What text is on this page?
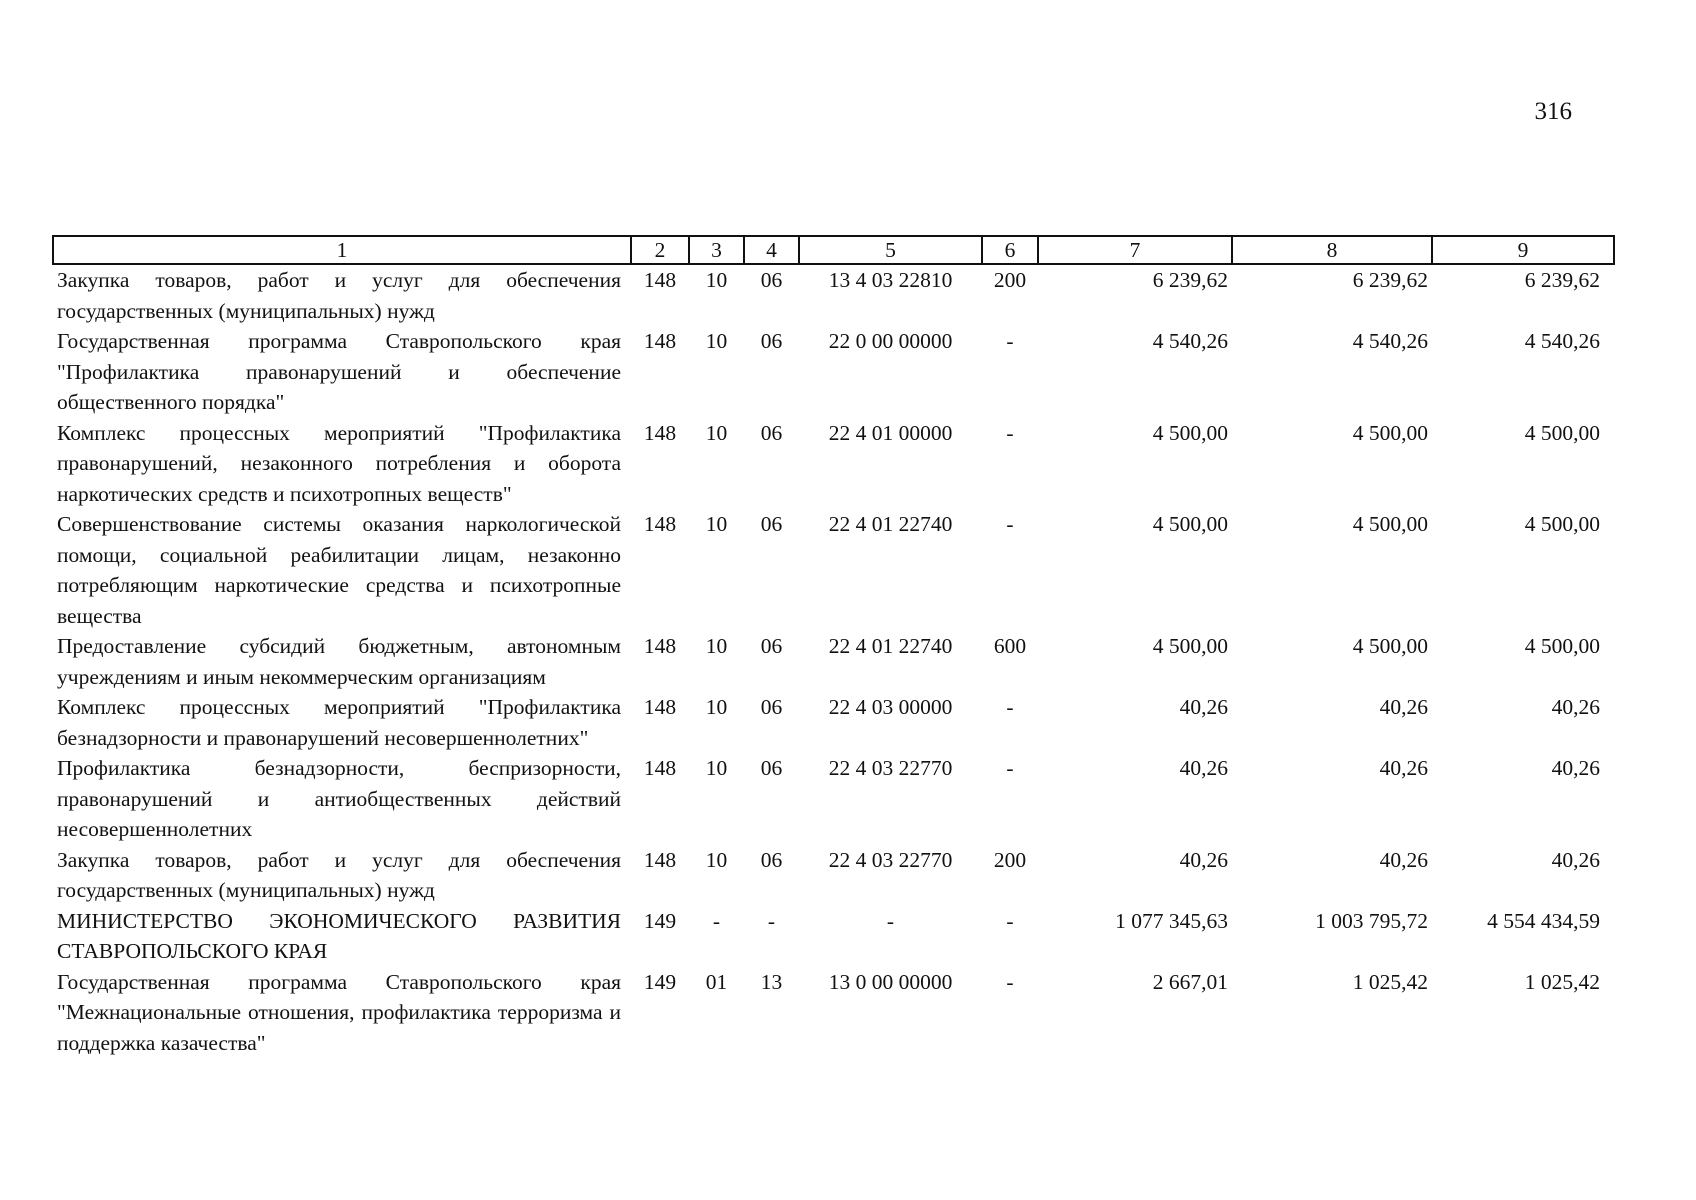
316
1	2	3	4	5	6	7	8	9
Закупка товаров, работ и услуг для обеспечения государственных (муниципальных) нужд	148	10	06	13 4 03 22810	200	6 239,62	6 239,62	6 239,62
Государственная программа Ставропольского края "Профилактика правонарушений и обеспечение общественного порядка"	148	10	06	22 0 00 00000	-	4 540,26	4 540,26	4 540,26
Комплекс процессных мероприятий "Профилактика правонарушений, незаконного потребления и оборота наркотических средств и психотропных веществ"	148	10	06	22 4 01 00000	-	4 500,00	4 500,00	4 500,00
Совершенствование системы оказания наркологической помощи, социальной реабилитации лицам, незаконно потребляющим наркотические средства и психотропные вещества	148	10	06	22 4 01 22740	-	4 500,00	4 500,00	4 500,00
Предоставление субсидий бюджетным, автономным учреждениям и иным некоммерческим организациям	148	10	06	22 4 01 22740	600	4 500,00	4 500,00	4 500,00
Комплекс процессных мероприятий "Профилактика безнадзорности и правонарушений несовершеннолетних"	148	10	06	22 4 03 00000	-	40,26	40,26	40,26
Профилактика безнадзорности, беспризорности, правонарушений и антиобщественных действий несовершеннолетних	148	10	06	22 4 03 22770	-	40,26	40,26	40,26
Закупка товаров, работ и услуг для обеспечения государственных (муниципальных) нужд	148	10	06	22 4 03 22770	200	40,26	40,26	40,26
МИНИСТЕРСТВО ЭКОНОМИЧЕСКОГО РАЗВИТИЯ СТАВРОПОЛЬСКОГО КРАЯ	149	-	-	-	-	1 077 345,63	1 003 795,72	4 554 434,59
Государственная программа Ставропольского края "Межнациональные отношения, профилактика терроризма и поддержка казачества"	149	01	13	13 0 00 00000	-	2 667,01	1 025,42	1 025,42
